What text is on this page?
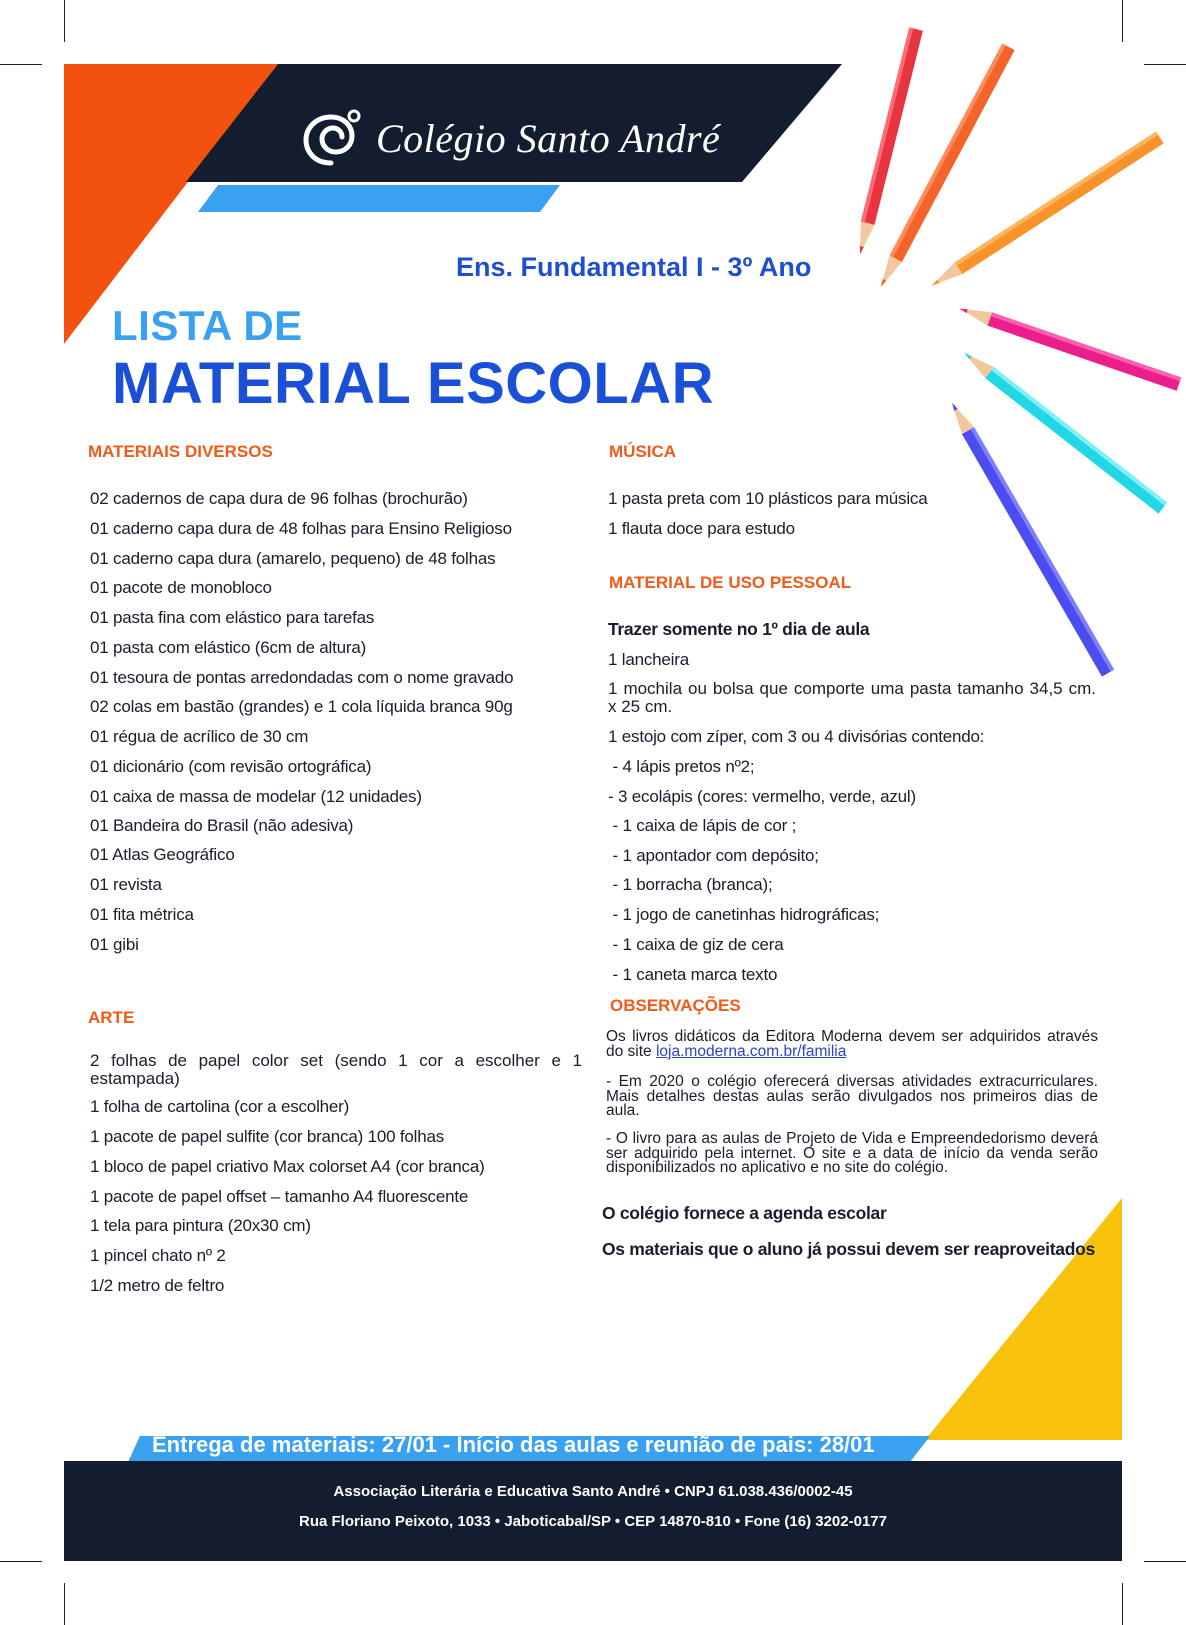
Colégio Santo André
Ens. Fundamental I - 3º Ano
LISTA DE
MATERIAL ESCOLAR
MATERIAIS DIVERSOS
02 cadernos de capa dura de 96 folhas (brochurão)
01 caderno capa dura de 48 folhas para Ensino Religioso
01 caderno capa dura (amarelo, pequeno) de 48 folhas
01 pacote de monobloco
01 pasta fina com elástico para tarefas
01 pasta com elástico (6cm de altura)
01 tesoura de pontas arredondadas com o nome gravado
02 colas em bastão (grandes) e 1 cola líquida branca 90g
01 régua de acrílico de 30 cm
01 dicionário (com revisão ortográfica)
01 caixa de massa de modelar (12 unidades)
01 Bandeira do Brasil (não adesiva)
01 Atlas Geográfico
01 revista
01 fita métrica
01 gibi
ARTE
2 folhas de papel color set (sendo 1 cor a escolher e 1 estampada)
1 folha de cartolina (cor a escolher)
1 pacote de papel sulfite (cor branca) 100 folhas
1 bloco de papel criativo Max colorset A4 (cor branca)
1 pacote de papel offset – tamanho A4 fluorescente
1 tela para pintura (20x30 cm)
1 pincel chato nº 2
1/2 metro de feltro
MÚSICA
1 pasta preta com 10 plásticos para música
1 flauta doce para estudo
MATERIAL DE USO PESSOAL
Trazer somente no 1º dia de aula
1 lancheira
1 mochila ou bolsa que comporte uma pasta tamanho 34,5 cm. x 25 cm.
1 estojo com zíper, com 3 ou 4 divisórias contendo:
- 4 lápis pretos nº2;
- 3 ecolápis (cores: vermelho, verde, azul)
- 1 caixa de lápis de cor ;
- 1 apontador com depósito;
- 1 borracha (branca);
- 1 jogo de canetinhas hidrográficas;
- 1 caixa de giz de cera
- 1 caneta marca texto
OBSERVAÇÕES
Os livros didáticos da Editora Moderna devem ser adquiridos através do site loja.moderna.com.br/familia
- Em 2020 o colégio oferecerá diversas atividades extracurriculares. Mais detalhes destas aulas serão divulgados nos primeiros dias de aula.
- O livro para as aulas de Projeto de Vida e Empreendedorismo deverá ser adquirido pela internet. O site e a data de início da venda serão disponibilizados no aplicativo e no site do colégio.
O colégio fornece a agenda escolar
Os materiais que o aluno já possui devem ser reaproveitados
Entrega de materiais: 27/01 - Início das aulas e reunião de pais: 28/01
Associação Literária e Educativa Santo André • CNPJ 61.038.436/0002-45
Rua Floriano Peixoto, 1033 • Jaboticabal/SP • CEP 14870-810 • Fone (16) 3202-0177
